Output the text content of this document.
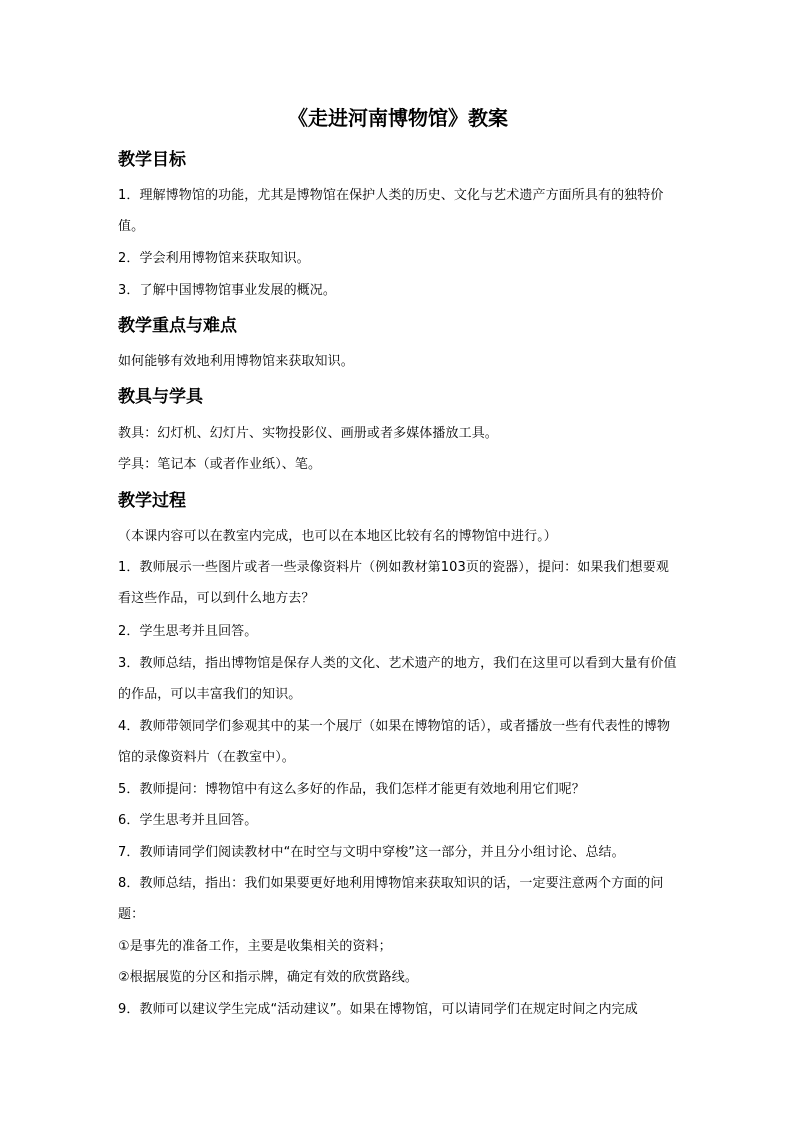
《走进河南博物馆》教案
教学目标

1．理解博物馆的功能，尤其是博物馆在保护人类的历史、文化与艺术遗产方面所具有的独特价值。

2．学会利用博物馆来获取知识。

3．了解中国博物馆事业发展的概况。

教学重点与难点

如何能够有效地利用博物馆来获取知识。

教具与学具

教具：幻灯机、幻灯片、实物投影仪、画册或者多媒体播放工具。

学具：笔记本（或者作业纸）、笔。

教学过程

（本课内容可以在教室内完成，也可以在本地区比较有名的博物馆中进行。）

1．教师展示一些图片或者一些录像资料片（例如教材第103页的瓷器），提问：如果我们想要观看这些作品，可以到什么地方去？

2．学生思考并且回答。

3．教师总结，指出博物馆是保存人类的文化、艺术遗产的地方，我们在这里可以看到大量有价值的作品，可以丰富我们的知识。

4．教师带领同学们参观其中的某一个展厅（如果在博物馆的话），或者播放一些有代表性的博物馆的录像资料片（在教室中）。

5．教师提问：博物馆中有这么多好的作品，我们怎样才能更有效地利用它们呢？

6．学生思考并且回答。

7．教师请同学们阅读教材中“在时空与文明中穿梭”这一部分，并且分小组讨论、总结。

8．教师总结，指出：我们如果要更好地利用博物馆来获取知识的话，一定要注意两个方面的问题：

①是事先的准备工作，主要是收集相关的资料；

②根据展览的分区和指示牌，确定有效的欣赏路线。

9．教师可以建议学生完成“活动建议”。如果在博物馆，可以请同学们在规定时间之内完成
